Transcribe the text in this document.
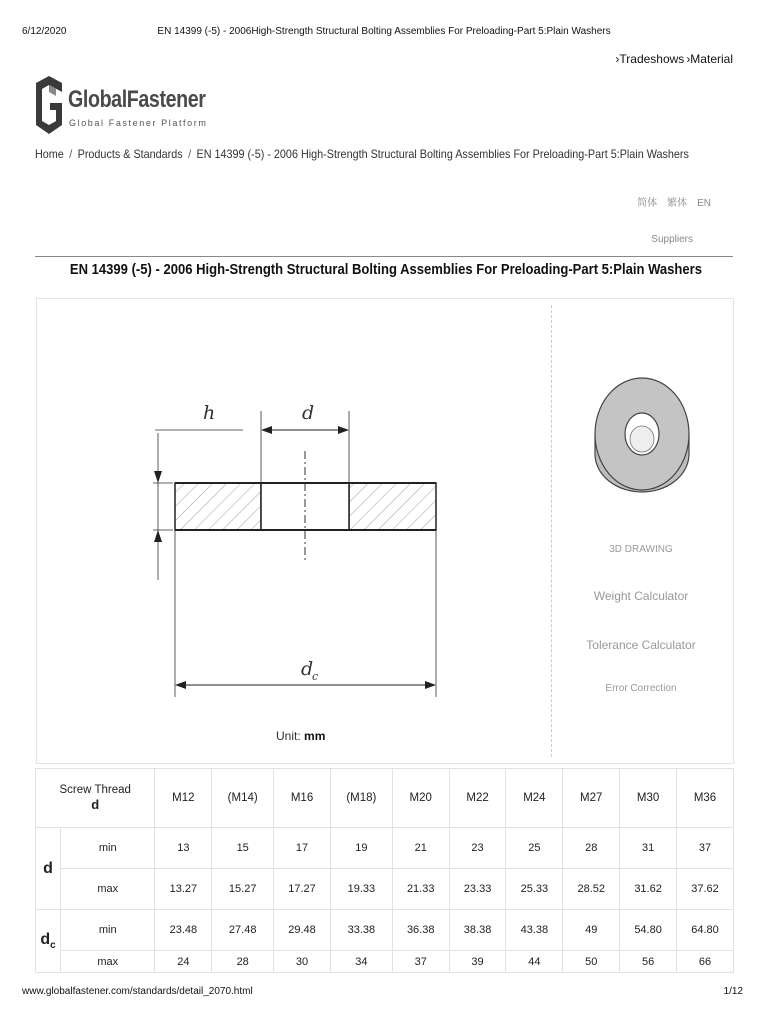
6/12/2020	EN 14399 (-5) - 2006High-Strength Structural Bolting Assemblies For Preloading-Part 5:Plain Washers
›Tradeshows ›Material
GlobalFastener
Global Fastener Platform
Home / Products & Standards / EN 14399 (-5) - 2006 High-Strength Structural Bolting Assemblies For Preloading-Part 5:Plain Washers
简体 繁体 EN
Suppliers
EN 14399 (-5) - 2006 High-Strength Structural Bolting Assemblies For Preloading-Part 5:Plain Washers
h	d
d
c
Unit: mm
3D DRAWING
Weight Calculator
Tolerance Calculator
Error Correction
Screw Thread
d		M12	(M14)	M16	(M18)	M20	M22	M24	M27	M30	M36
d	min	13	15	17	19	21	23	25	28	31	37
	max	13.27	15.27	17.27	19.33	21.33	23.33	25.33	28.52	31.62	37.62
$d_c$	min	23.48	27.48	29.48	33.38	36.38	38.38	43.38	49	54.80	64.80
	max	24	28	30	34	37	39	44	50	56	66
www.globalfastener.com/standards/detail_2070.html	1/12
